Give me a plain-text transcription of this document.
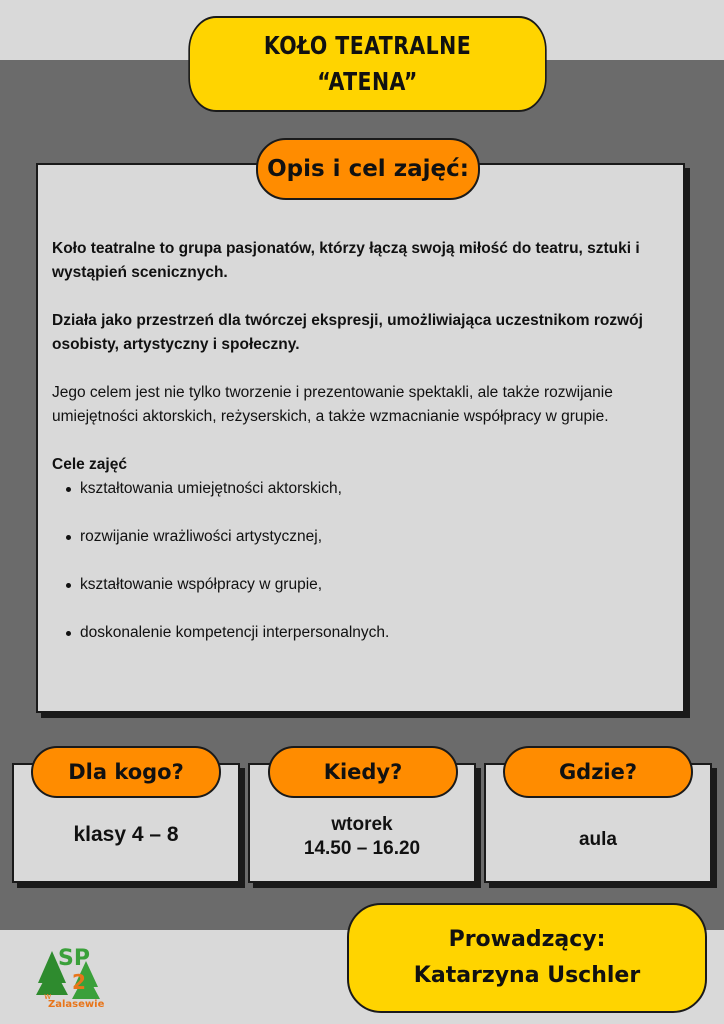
KOŁO TEATRALNE
“ATENA”
Opis i cel zajęć:

Koło teatralne to grupa pasjonatów, którzy łączą swoją miłość do teatru, sztuki i wystąpień scenicznych.

Działa jako przestrzeń dla twórczej ekspresji, umożliwiająca uczestnikom rozwój osobisty, artystyczny i społeczny.

Jego celem jest nie tylko tworzenie i prezentowanie spektakli, ale także rozwijanie umiejętności aktorskich, reżyserskich, a także wzmacnianie współpracy w grupie.

Cele zajęć

kształtowania umiejętności aktorskich,
rozwijanie wrażliwości artystycznej,
kształtowanie współpracy w grupie,
doskonalenie kompetencji interpersonalnych.
klasy 4 – 8
Dla kogo?
wtorek
14.50 – 16.20
Kiedy?
aula
Gdzie?
Prowadzący:
Katarzyna Uschler
SP
2
w
Zalasewie
